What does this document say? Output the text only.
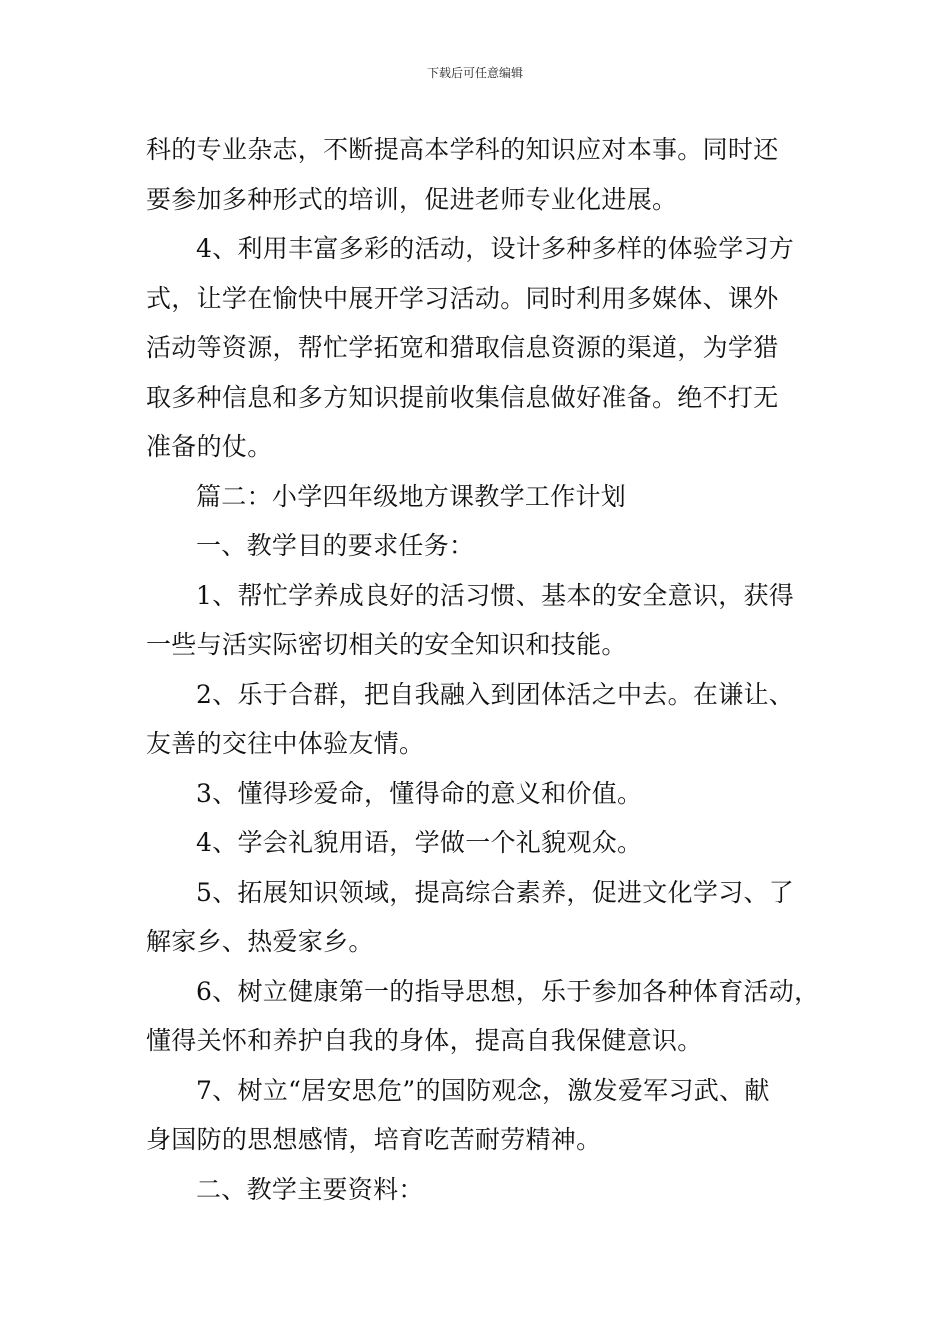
下载后可任意编辑
科的专业杂志，不断提高本学科的知识应对本事。同时还
要参加多种形式的培训，促进老师专业化进展。
4、利用丰富多彩的活动，设计多种多样的体验学习方
式，让学在愉快中展开学习活动。同时利用多媒体、课外
活动等资源，帮忙学拓宽和猎取信息资源的渠道，为学猎
取多种信息和多方知识提前收集信息做好准备。绝不打无
准备的仗。
篇二：小学四年级地方课教学工作计划
一、教学目的要求任务：
1、帮忙学养成良好的活习惯、基本的安全意识，获得
一些与活实际密切相关的安全知识和技能。
2、乐于合群，把自我融入到团体活之中去。在谦让、
友善的交往中体验友情。
3、懂得珍爱命，懂得命的意义和价值。
4、学会礼貌用语，学做一个礼貌观众。
5、拓展知识领域，提高综合素养，促进文化学习、了
解家乡、热爱家乡。
6、树立健康第一的指导思想，乐于参加各种体育活动，
懂得关怀和养护自我的身体，提高自我保健意识。
7、树立“居安思危”的国防观念，激发爱军习武、献
身国防的思想感情，培育吃苦耐劳精神。
二、教学主要资料：
